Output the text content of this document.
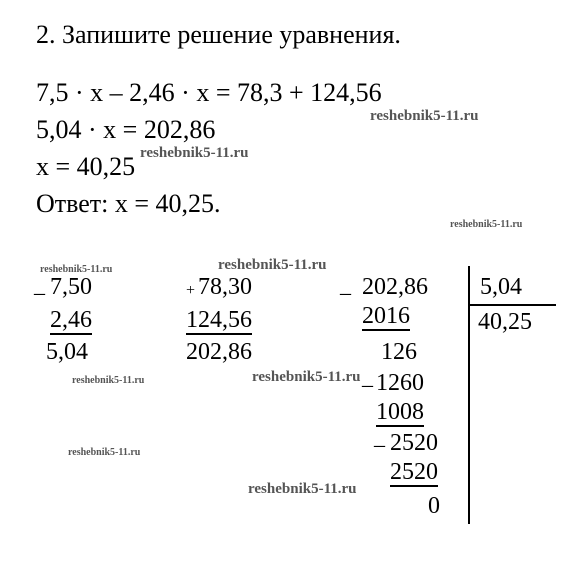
2. Запишите решение уравнения.
7,5 · x – 2,46 · x = 78,3 + 124,56
5,04 · x = 202,86
x = 40,25
Ответ: x = 40,25.
reshebnik5-11.ru
reshebnik5-11.ru
reshebnik5-11.ru
reshebnik5-11.ru	reshebnik5-11.ru
reshebnik5-11.ru	reshebnik5-11.ru
reshebnik5-11.ru
reshebnik5-11.ru
_ 7,50
2,46
5,04
+ 78,30
124,56
202,86
_ 202,86 5,04
40,25
2016
126
_ 1260
1008
_ 2520
2520
0
